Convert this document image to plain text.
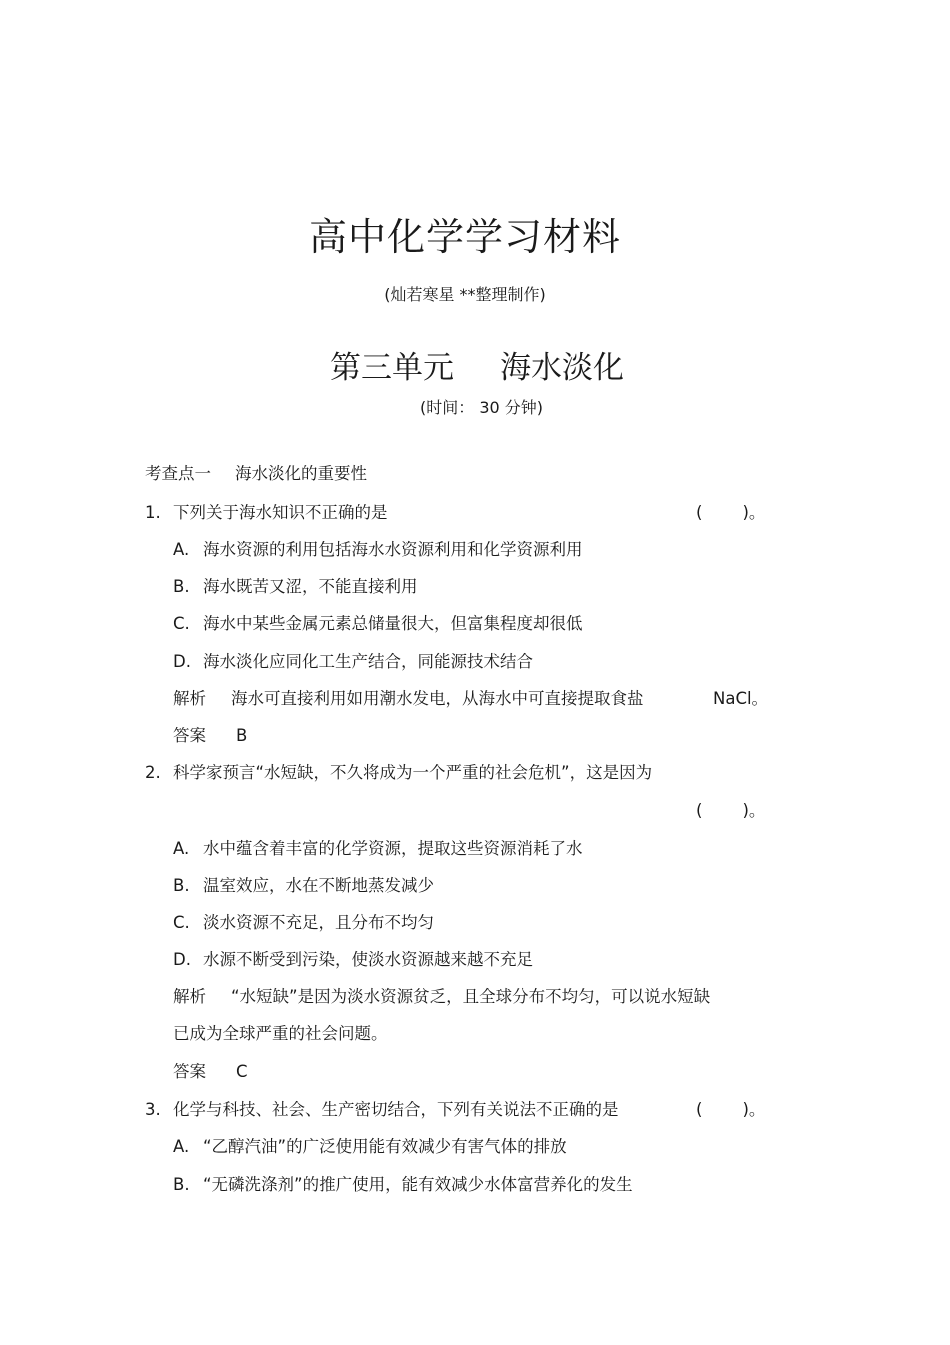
高中化学学习材料
(灿若寒星 **整理制作)
第三单元 海水淡化
(时间： 30 分钟)
考查点一 海水淡化的重要性
1. 下列关于海水知识不正确的是	( )。
A. 海水资源的利用包括海水水资源利用和化学资源利用
B. 海水既苦又涩，不能直接利用
C. 海水中某些金属元素总储量很大，但富集程度却很低
D. 海水淡化应同化工生产结合，同能源技术结合
解析 海水可直接利用如用潮水发电，从海水中可直接提取食盐	NaCl。
答案 B
2. 科学家预言“水短缺，不久将成为一个严重的社会危机”，这是因为
( )。
A. 水中蕴含着丰富的化学资源，提取这些资源消耗了水
B. 温室效应，水在不断地蒸发减少
C. 淡水资源不充足，且分布不均匀
D. 水源不断受到污染，使淡水资源越来越不充足
解析 “水短缺”是因为淡水资源贫乏，且全球分布不均匀，可以说水短缺
已成为全球严重的社会问题。
答案 C
3. 化学与科技、社会、生产密切结合，下列有关说法不正确的是	( )。
A. “乙醇汽油”的广泛使用能有效减少有害气体的排放
B. “无磷洗涤剂”的推广使用，能有效减少水体富营养化的发生
